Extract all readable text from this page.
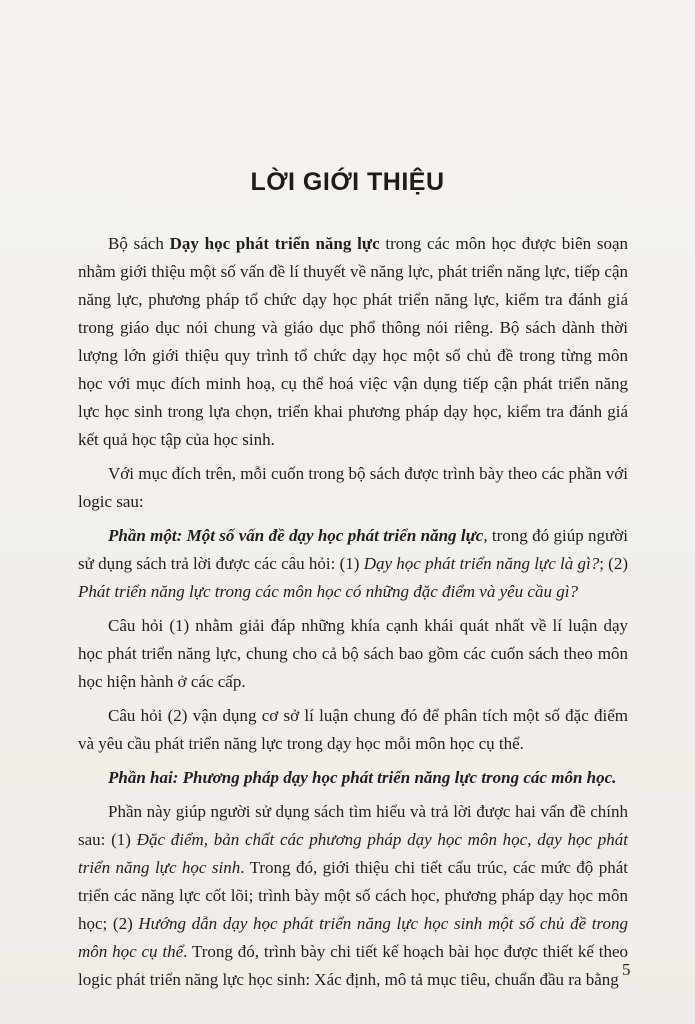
LỜI GIỚI THIỆU

Bộ sách Dạy học phát triển năng lực trong các môn học được biên soạn nhằm giới thiệu một số vấn đề lí thuyết về năng lực, phát triển năng lực, tiếp cận năng lực, phương pháp tổ chức dạy học phát triển năng lực, kiểm tra đánh giá trong giáo dục nói chung và giáo dục phổ thông nói riêng. Bộ sách dành thời lượng lớn giới thiệu quy trình tổ chức dạy học một số chủ đề trong từng môn học với mục đích minh hoạ, cụ thể hoá việc vận dụng tiếp cận phát triển năng lực học sinh trong lựa chọn, triển khai phương pháp dạy học, kiểm tra đánh giá kết quả học tập của học sinh.

Với mục đích trên, mỗi cuốn trong bộ sách được trình bày theo các phần với logic sau:

Phần một: Một số vấn đề dạy học phát triển năng lực, trong đó giúp người sử dụng sách trả lời được các câu hỏi: (1) Dạy học phát triển năng lực là gì?; (2) Phát triển năng lực trong các môn học có những đặc điểm và yêu cầu gì?

Câu hỏi (1) nhằm giải đáp những khía cạnh khái quát nhất về lí luận dạy học phát triển năng lực, chung cho cả bộ sách bao gồm các cuốn sách theo môn học hiện hành ở các cấp.

Câu hỏi (2) vận dụng cơ sở lí luận chung đó để phân tích một số đặc điểm và yêu cầu phát triển năng lực trong dạy học mỗi môn học cụ thể.

Phần hai: Phương pháp dạy học phát triển năng lực trong các môn học.

Phần này giúp người sử dụng sách tìm hiểu và trả lời được hai vấn đề chính sau: (1) Đặc điểm, bản chất các phương pháp dạy học môn học, dạy học phát triển năng lực học sinh. Trong đó, giới thiệu chi tiết cấu trúc, các mức độ phát triển các năng lực cốt lõi; trình bày một số cách học, phương pháp dạy học môn học; (2) Hướng dẫn dạy học phát triển năng lực học sinh một số chủ đề trong môn học cụ thể. Trong đó, trình bày chi tiết kế hoạch bài học được thiết kế theo logic phát triển năng lực học sinh: Xác định, mô tả mục tiêu, chuẩn đầu ra bằng

5
